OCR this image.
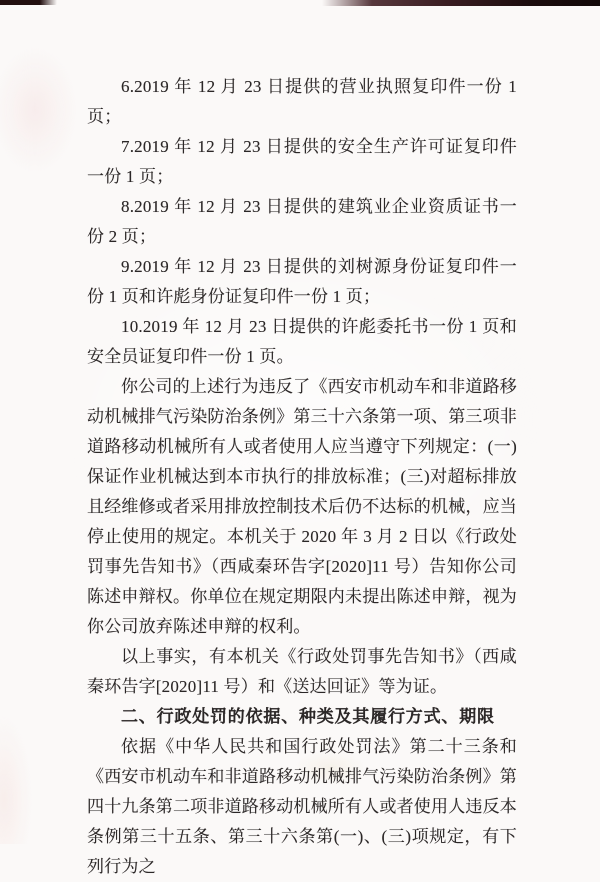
6.2019 年 12 月 23 日提供的营业执照复印件一份 1 页；

7.2019 年 12 月 23 日提供的安全生产许可证复印件一份 1 页；

8.2019 年 12 月 23 日提供的建筑业企业资质证书一份 2 页；

9.2019 年 12 月 23 日提供的刘树源身份证复印件一份 1 页和许彪身份证复印件一份 1 页；

10.2019 年 12 月 23 日提供的许彪委托书一份 1 页和安全员证复印件一份 1 页。

你公司的上述行为违反了《西安市机动车和非道路移动机械排气污染防治条例》第三十六条第一项、第三项非道路移动机械所有人或者使用人应当遵守下列规定：(一)保证作业机械达到本市执行的排放标准；(三)对超标排放且经维修或者采用排放控制技术后仍不达标的机械，应当停止使用的规定。本机关于 2020 年 3 月 2 日以《行政处罚事先告知书》（西咸秦环告字[2020]11 号）告知你公司陈述申辩权。你单位在规定期限内未提出陈述申辩，视为你公司放弃陈述申辩的权利。

以上事实，有本机关《行政处罚事先告知书》（西咸秦环告字[2020]11 号）和《送达回证》等为证。

二、行政处罚的依据、种类及其履行方式、期限

依据《中华人民共和国行政处罚法》第二十三条和《西安市机动车和非道路移动机械排气污染防治条例》第四十九条第二项非道路移动机械所有人或者使用人违反本条例第三十五条、第三十六条第(一)、(三)项规定，有下列行为之
